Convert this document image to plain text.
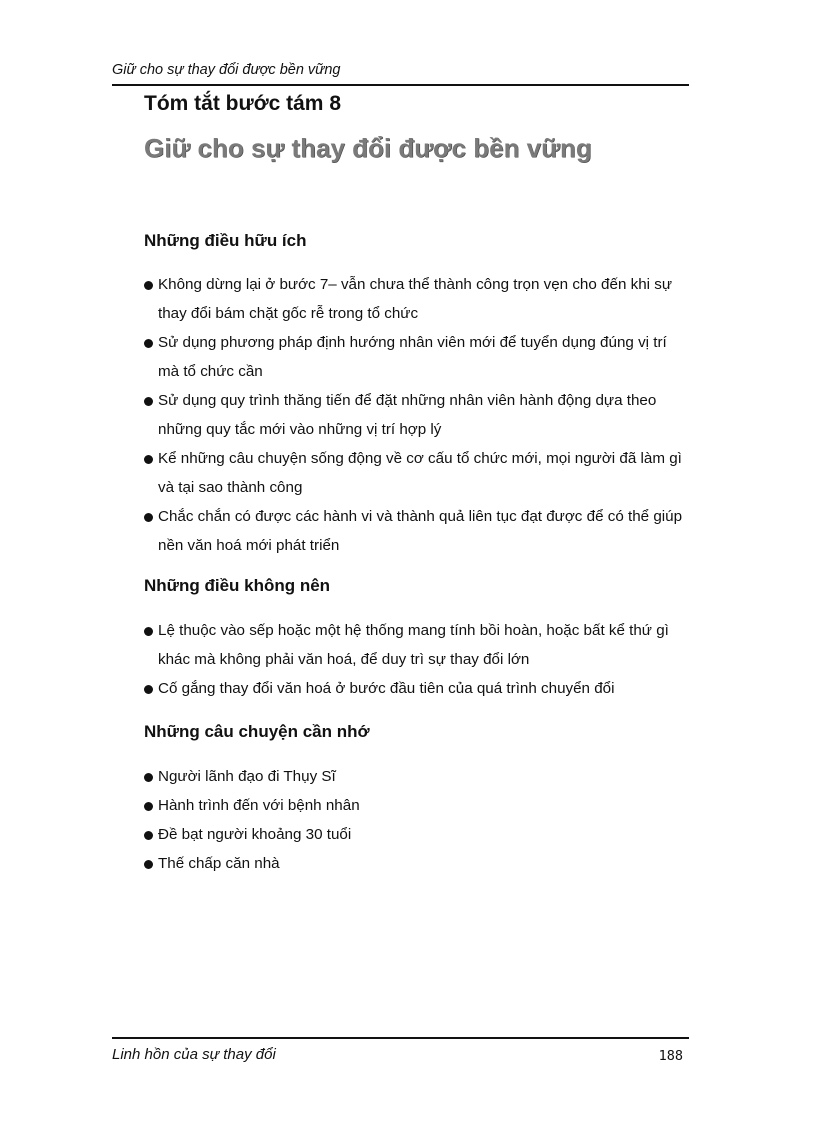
Giữ cho sự thay đổi được bền vững
Tóm tắt bước tám 8
Giữ cho sự thay đổi được bền vững
Những điều hữu ích
Không dừng lại ở bước 7– vẫn chưa thể thành công trọn vẹn cho đến khi sự thay đổi bám chặt gốc rễ trong tổ chức
Sử dụng phương pháp định hướng nhân viên mới để tuyển dụng đúng vị trí mà tổ chức cần
Sử dụng quy trình thăng tiến để đặt những nhân viên hành động dựa theo những quy tắc mới vào những vị trí hợp lý
Kể những câu chuyện sống động về cơ cấu tổ chức mới, mọi người đã làm gì và tại sao thành công
Chắc chắn có được các hành vi và thành quả liên tục đạt được để có thể giúp nền văn hoá mới phát triển
Những điều không nên
Lệ thuộc vào sếp hoặc một hệ thống mang tính bồi hoàn, hoặc bất kể thứ gì khác mà không phải văn hoá, để duy trì sự thay đổi lớn
Cố gắng thay đổi văn hoá ở bước đầu tiên của quá trình chuyển đổi
Những câu chuyện cần nhớ
Người lãnh đạo đi Thụy Sĩ
Hành trình đến với bệnh nhân
Đề bạt người khoảng 30 tuổi
Thế chấp căn nhà
Linh hồn của sự thay đổi	188
